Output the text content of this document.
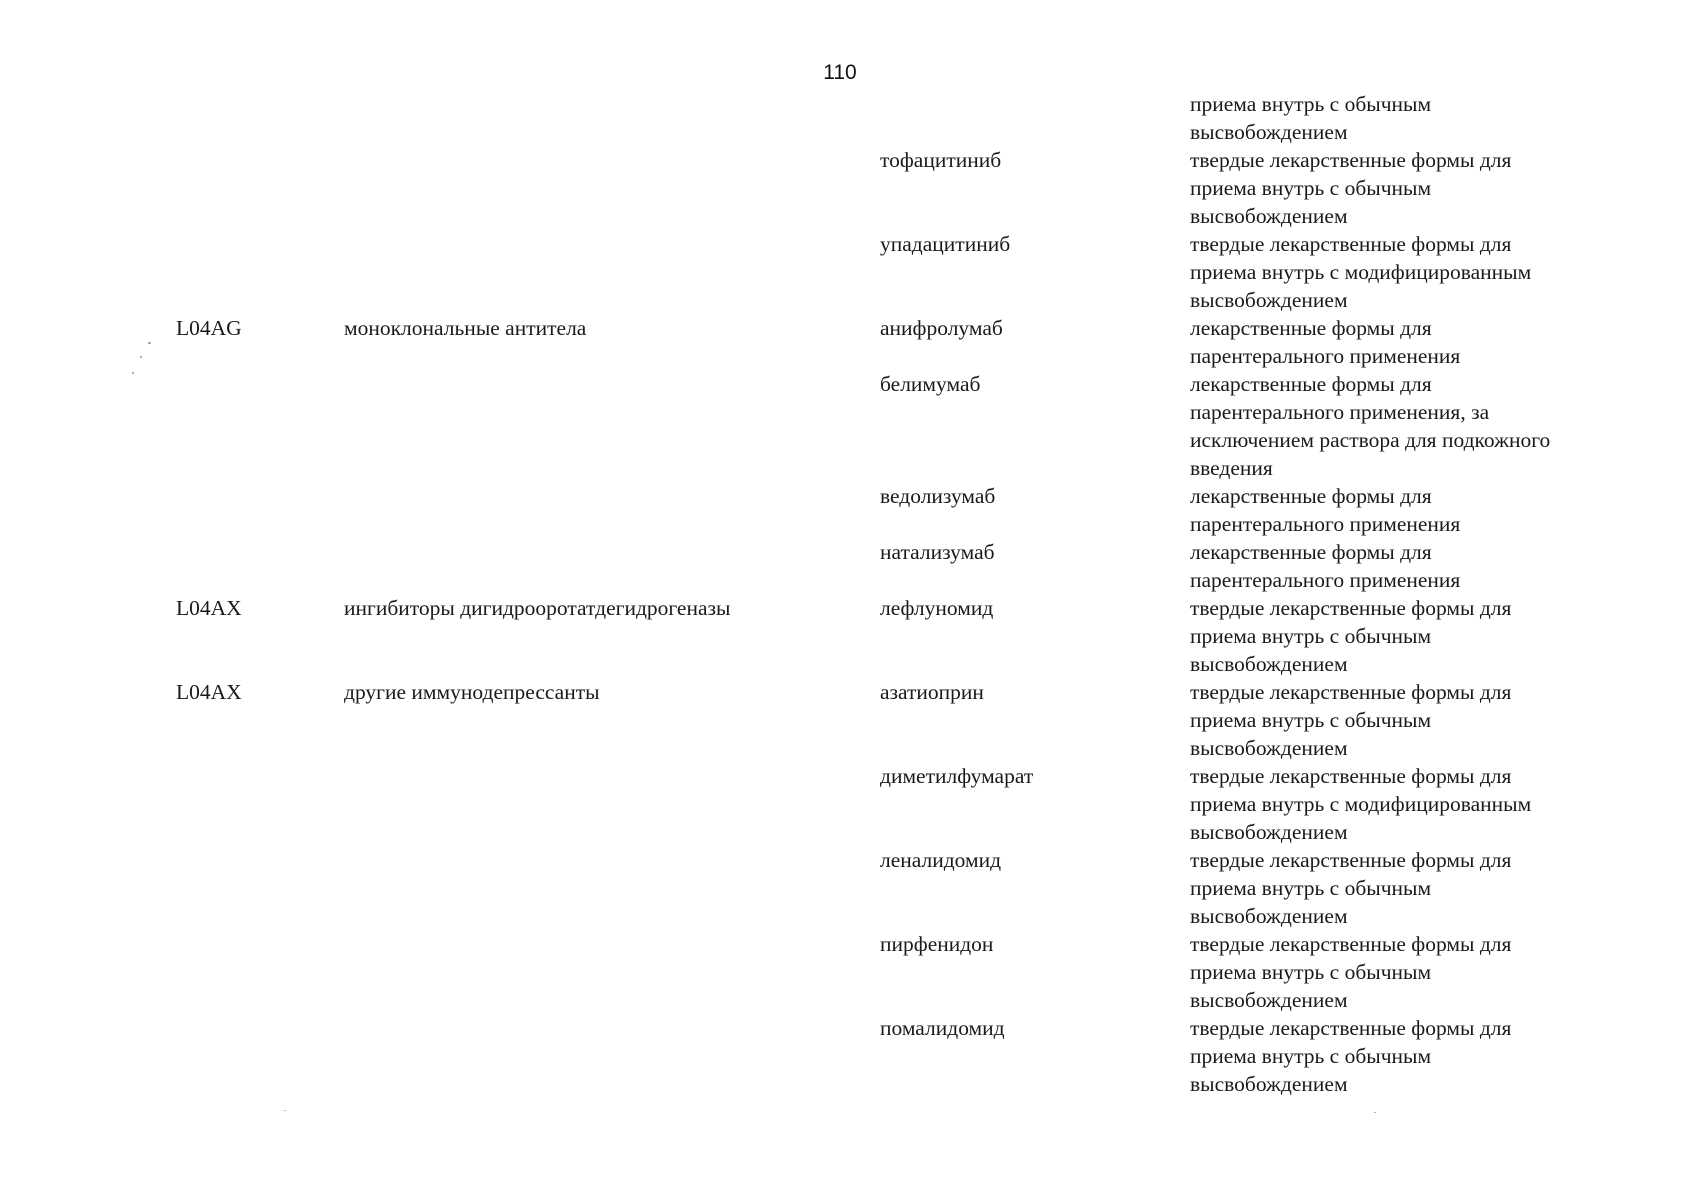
110
приема внутрь с обычным
высвобождением
тофацитиниб	твердые лекарственные формы для
приема внутрь с обычным
высвобождением
упадацитиниб	твердые лекарственные формы для
приема внутрь с модифицированным
высвобождением
L04AG	моноклональные антитела	анифролумаб	лекарственные формы для
парентерального применения
белимумаб	лекарственные формы для
парентерального применения, за
исключением раствора для подкожного
введения
ведолизумаб	лекарственные формы для
парентерального применения
натализумаб	лекарственные формы для
парентерального применения
L04AX	ингибиторы дигидрооротатдегидрогеназы	лефлуномид	твердые лекарственные формы для
приема внутрь с обычным
высвобождением
L04AX	другие иммунодепрессанты	азатиоприн	твердые лекарственные формы для
приема внутрь с обычным
высвобождением
диметилфумарат	твердые лекарственные формы для
приема внутрь с модифицированным
высвобождением
леналидомид	твердые лекарственные формы для
приема внутрь с обычным
высвобождением
пирфенидон	твердые лекарственные формы для
приема внутрь с обычным
высвобождением
помалидомид	твердые лекарственные формы для
приема внутрь с обычным
высвобождением
